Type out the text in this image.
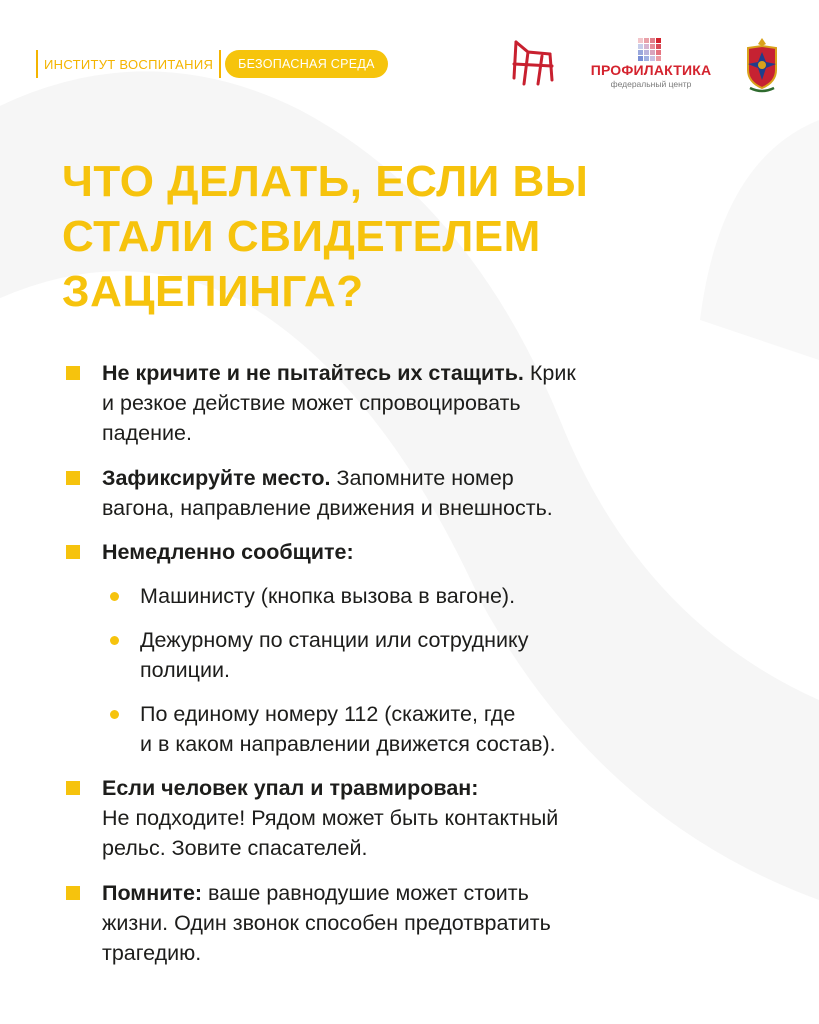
ИНСТИТУТ ВОСПИТАНИЯ	БЕЗОПАСНАЯ СРЕДА	ПРОФИЛАКТИКА
федеральный центр
ЧТО ДЕЛАТЬ, ЕСЛИ ВЫ
СТАЛИ СВИДЕТЕЛЕМ
ЗАЦЕПИНГА?
Не кричите и не пытайтесь их стащить. Крик
и резкое действие может спровоцировать
падение.
Зафиксируйте место. Запомните номер
вагона, направление движения и внешность.
Немедленно сообщите:
Машинисту (кнопка вызова в вагоне).
Дежурному по станции или сотруднику
полиции.
По единому номеру 112 (скажите, где
и в каком направлении движется состав).
Если человек упал и травмирован:
Не подходите! Рядом может быть контактный
рельс. Зовите спасателей.
Помните: ваше равнодушие может стоить
жизни. Один звонок способен предотвратить
трагедию.
